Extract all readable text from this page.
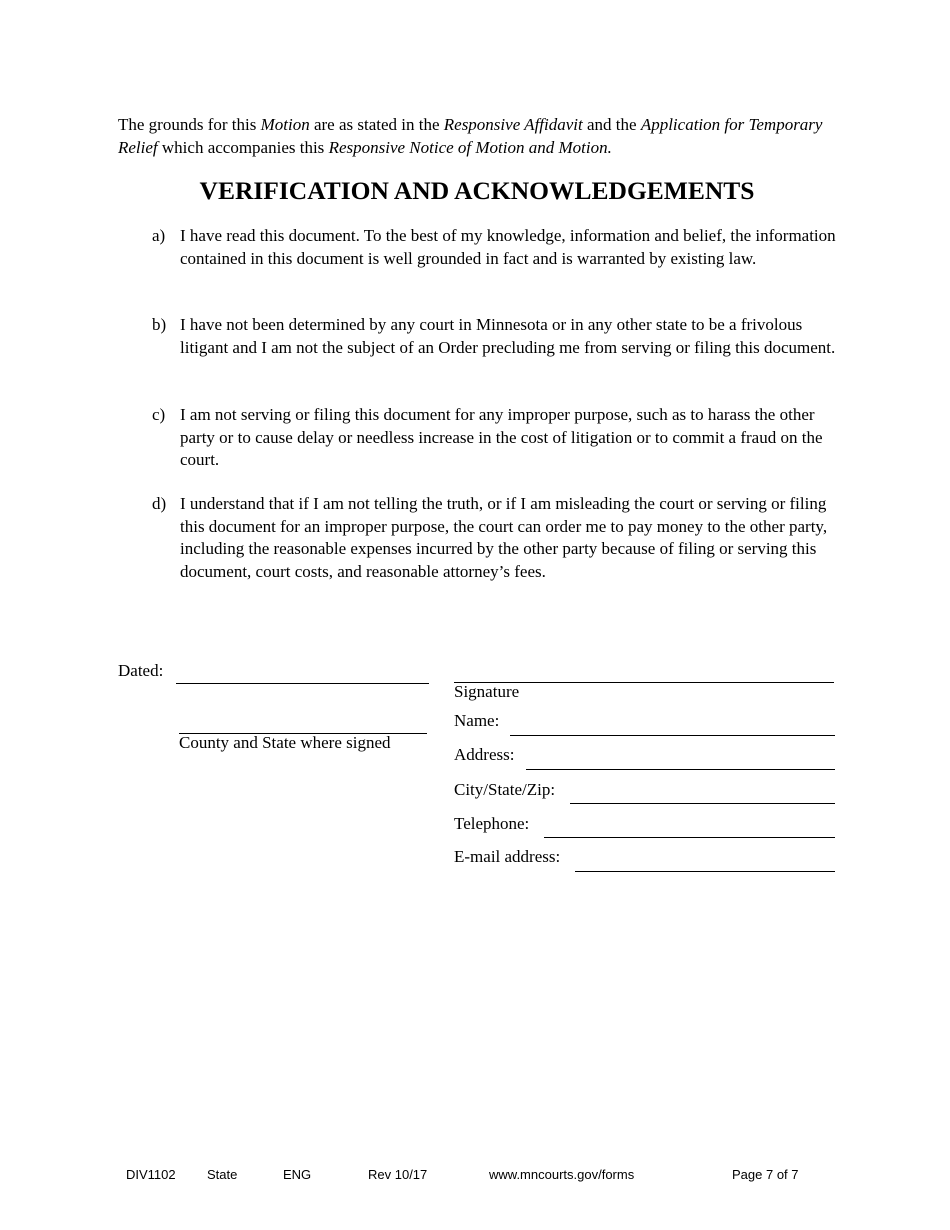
The grounds for this Motion are as stated in the Responsive Affidavit and the Application for Temporary Relief which accompanies this Responsive Notice of Motion and Motion.

VERIFICATION AND ACKNOWLEDGEMENTS
a) I have read this document. To the best of my knowledge, information and belief, the information contained in this document is well grounded in fact and is warranted by existing law.
b) I have not been determined by any court in Minnesota or in any other state to be a frivolous litigant and I am not the subject of an Order precluding me from serving or filing this document.
c) I am not serving or filing this document for any improper purpose, such as to harass the other party or to cause delay or needless increase in the cost of litigation or to commit a fraud on the court.
d) I understand that if I am not telling the truth, or if I am misleading the court or serving or filing this document for an improper purpose, the court can order me to pay money to the other party, including the reasonable expenses incurred by the other party because of filing or serving this document, court costs, and reasonable attorney’s fees.
Dated:
County and State where signed
Signature
Name:
Address:
City/State/Zip:
Telephone:
E-mail address:
DIV1102 State	ENG	Rev 10/17	www.mncourts.gov/forms	Page 7 of 7
